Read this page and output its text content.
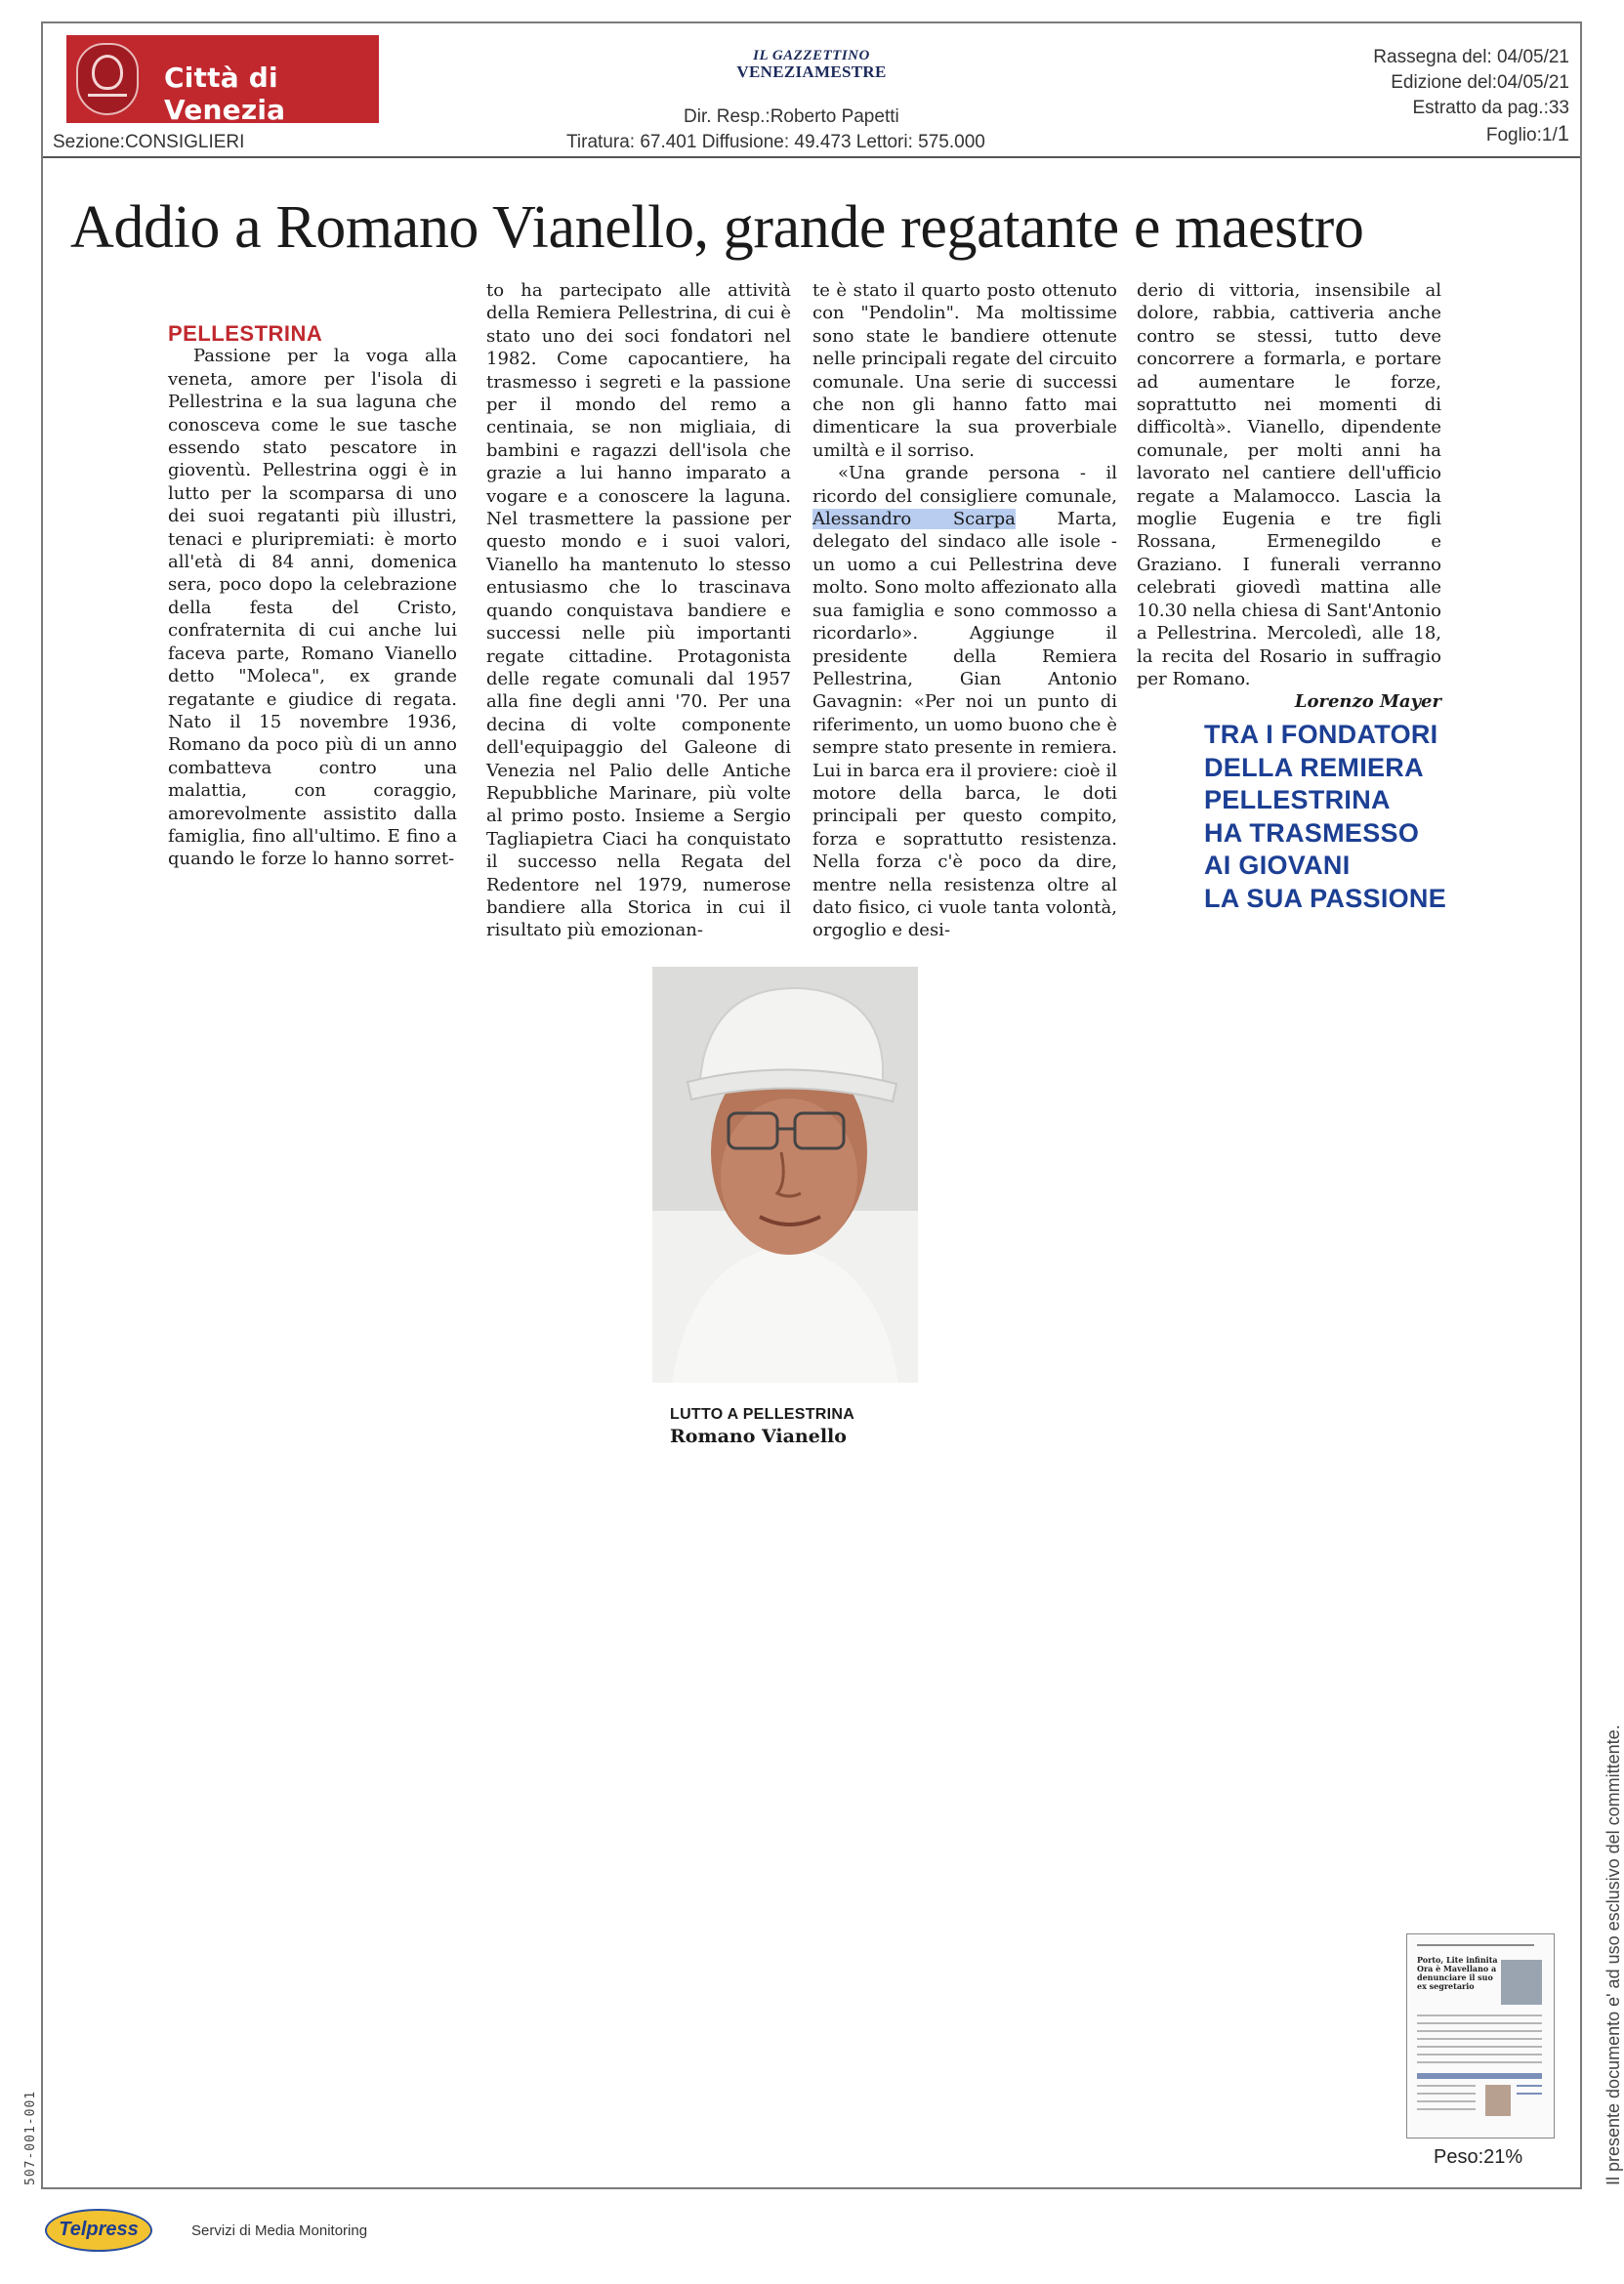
Città di Venezia
IL GAZZETTINO
VENEZIAMESTRE
Dir. Resp.:Roberto Papetti
Tiratura: 67.401 Diffusione: 49.473 Lettori: 575.000
Sezione:CONSIGLIERI
Rassegna del: 04/05/21
Edizione del:04/05/21
Estratto da pag.:33
Foglio:1/1
Addio a Romano Vianello, grande regatante e maestro

PELLESTRINA

Passione per la voga alla veneta, amore per l'isola di Pellestrina e la sua laguna che conosceva come le sue tasche essendo stato pescatore in gioventù. Pellestrina oggi è in lutto per la scomparsa di uno dei suoi regatanti più illustri, tenaci e pluripremiati: è morto all'età di 84 anni, domenica sera, poco dopo la celebrazione della festa del Cristo, confraternita di cui anche lui faceva parte, Romano Vianello detto "Moleca", ex grande regatante e giudice di regata. Nato il 15 novembre 1936, Romano da poco più di un anno combatteva contro una malattia, con coraggio, amorevolmente assistito dalla famiglia, fino all'ultimo. E fino a quando le forze lo hanno sorret-

to ha partecipato alle attività della Remiera Pellestrina, di cui è stato uno dei soci fondatori nel 1982. Come capocantiere, ha trasmesso i segreti e la passione per il mondo del remo a centinaia, se non migliaia, di bambini e ragazzi dell'isola che grazie a lui hanno imparato a vogare e a conoscere la laguna. Nel trasmettere la passione per questo mondo e i suoi valori, Vianello ha mantenuto lo stesso entusiasmo che lo trascinava quando conquistava bandiere e successi nelle più importanti regate cittadine. Protagonista delle regate comunali dal 1957 alla fine degli anni '70. Per una decina di volte componente dell'equipaggio del Galeone di Venezia nel Palio delle Antiche Repubbliche Marinare, più volte al primo posto. Insieme a Sergio Tagliapietra Ciaci ha conquistato il successo nella Regata del Redentore nel 1979, numerose bandiere alla Storica in cui il risultato più emozionan-

te è stato il quarto posto ottenuto con "Pendolin". Ma moltissime sono state le bandiere ottenute nelle principali regate del circuito comunale. Una serie di successi che non gli hanno fatto mai dimenticare la sua proverbiale umiltà e il sorriso.

«Una grande persona - il ricordo del consigliere comunale, Alessandro Scarpa Marta, delegato del sindaco alle isole - un uomo a cui Pellestrina deve molto. Sono molto affezionato alla sua famiglia e sono commosso a ricordarlo». Aggiunge il presidente della Remiera Pellestrina, Gian Antonio Gavagnin: «Per noi un punto di riferimento, un uomo buono che è sempre stato presente in remiera. Lui in barca era il proviere: cioè il motore della barca, le doti principali per questo compito, forza e soprattutto resistenza. Nella forza c'è poco da dire, mentre nella resistenza oltre al dato fisico, ci vuole tanta volontà, orgoglio e desi-

derio di vittoria, insensibile al dolore, rabbia, cattiveria anche contro se stessi, tutto deve concorrere a formarla, e portare ad aumentare le forze, soprattutto nei momenti di difficoltà». Vianello, dipendente comunale, per molti anni ha lavorato nel cantiere dell'ufficio regate a Malamocco. Lascia la moglie Eugenia e tre figli Rossana, Ermenegildo e Graziano. I funerali verranno celebrati giovedì mattina alle 10.30 nella chiesa di Sant'Antonio a Pellestrina. Mercoledì, alle 18, la recita del Rosario in suffragio per Romano.

Lorenzo Mayer

TRA I FONDATORI
DELLA REMIERA
PELLESTRINA
HA TRASMESSO
AI GIOVANI
LA SUA PASSIONE
LUTTO A PELLESTRINA
Romano Vianello
Porto, Lite infinita Ora è Mavellano a denunciare il suo ex segretario
Peso:21%	Il presente documento e' ad uso esclusivo del committente.
507-001-001
Telpress	Servizi di Media Monitoring
